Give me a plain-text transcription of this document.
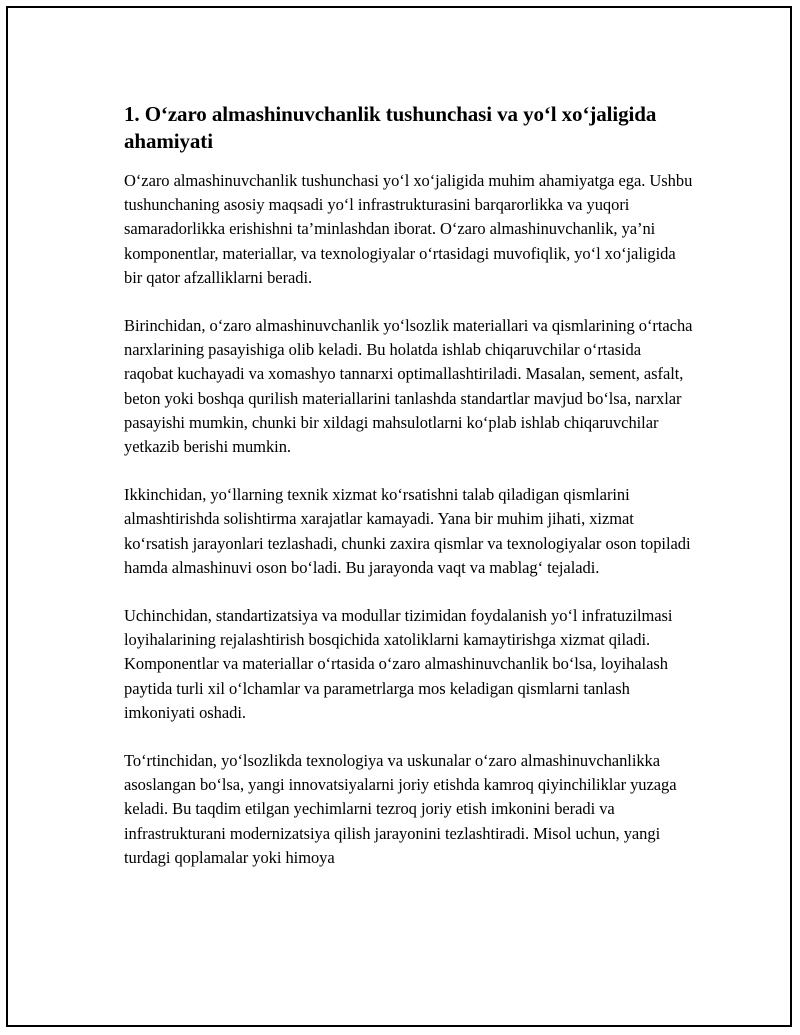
1. O‘zaro almashinuvchanlik tushunchasi va yo‘l xo‘jaligida ahamiyati

O‘zaro almashinuvchanlik tushunchasi yo‘l xo‘jaligida muhim ahamiyatga ega. Ushbu tushunchaning asosiy maqsadi yo‘l infrastrukturasini barqarorlikka va yuqori samaradorlikka erishishni ta’minlashdan iborat. O‘zaro almashinuvchanlik, ya’ni komponentlar, materiallar, va texnologiyalar o‘rtasidagi muvofiqlik, yo‘l xo‘jaligida bir qator afzalliklarni beradi.

Birinchidan, o‘zaro almashinuvchanlik yo‘lsozlik materiallari va qismlarining o‘rtacha narxlarining pasayishiga olib keladi. Bu holatda ishlab chiqaruvchilar o‘rtasida raqobat kuchayadi va xomashyo tannarxi optimallashtiriladi. Masalan, sement, asfalt, beton yoki boshqa qurilish materiallarini tanlashda standartlar mavjud bo‘lsa, narxlar pasayishi mumkin, chunki bir xildagi mahsulotlarni ko‘plab ishlab chiqaruvchilar yetkazib berishi mumkin.

Ikkinchidan, yo‘llarning texnik xizmat ko‘rsatishni talab qiladigan qismlarini almashtirishda solishtirma xarajatlar kamayadi. Yana bir muhim jihati, xizmat ko‘rsatish jarayonlari tezlashadi, chunki zaxira qismlar va texnologiyalar oson topiladi hamda almashinuvi oson bo‘ladi. Bu jarayonda vaqt va mablag‘ tejaladi.

Uchinchidan, standartizatsiya va modullar tizimidan foydalanish yo‘l infratuzilmasi loyihalarining rejalashtirish bosqichida xatoliklarni kamaytirishga xizmat qiladi. Komponentlar va materiallar o‘rtasida o‘zaro almashinuvchanlik bo‘lsa, loyihalash paytida turli xil o‘lchamlar va parametrlarga mos keladigan qismlarni tanlash imkoniyati oshadi.

To‘rtinchidan, yo‘lsozlikda texnologiya va uskunalar o‘zaro almashinuvchanlikka asoslangan bo‘lsa, yangi innovatsiyalarni joriy etishda kamroq qiyinchiliklar yuzaga keladi. Bu taqdim etilgan yechimlarni tezroq joriy etish imkonini beradi va infrastrukturani modernizatsiya qilish jarayonini tezlashtiradi. Misol uchun, yangi turdagi qoplamalar yoki himoya
